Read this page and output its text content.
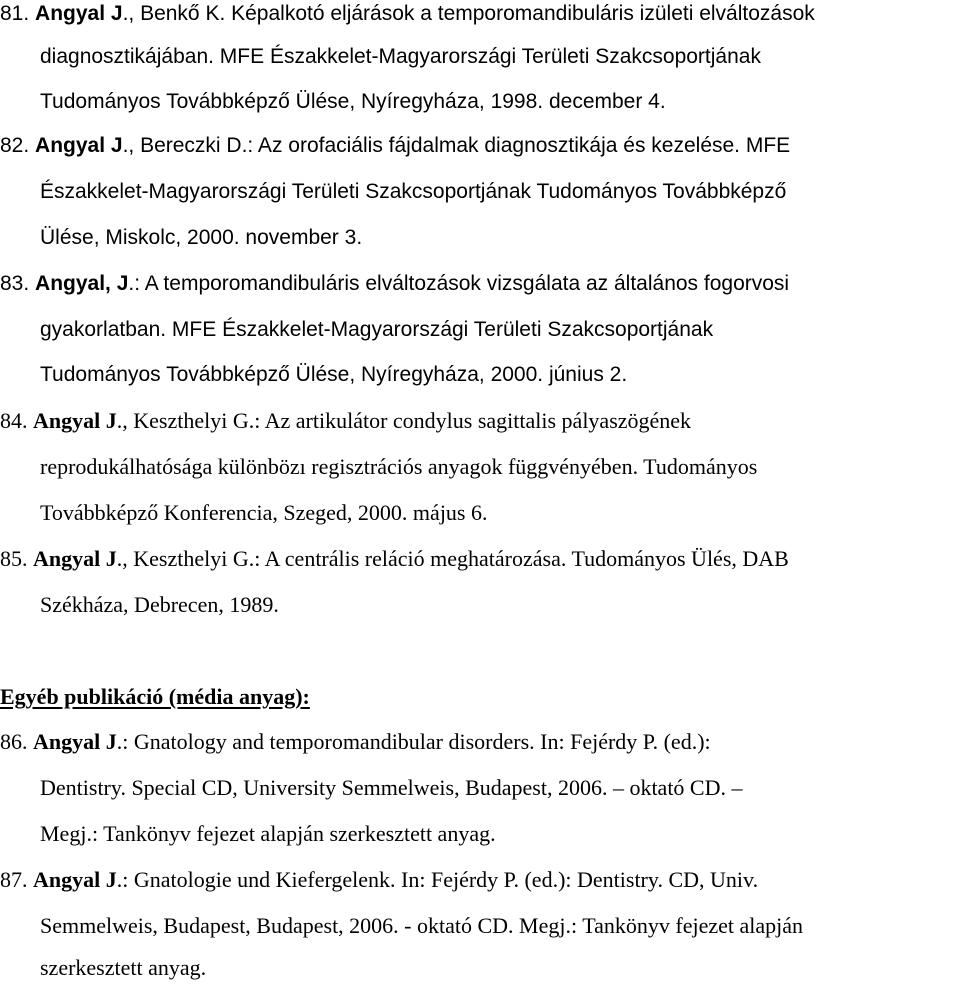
81. Angyal J., Benkő K. Képalkotó eljárások a temporomandibuláris izületi elváltozások
diagnosztikájában. MFE Északkelet-Magyarországi Területi Szakcsoportjának
Tudományos Továbbképző Ülése, Nyíregyháza, 1998. december 4.
82. Angyal J., Bereczki D.: Az orofaciális fájdalmak diagnosztikája és kezelése. MFE
Északkelet-Magyarországi Területi Szakcsoportjának Tudományos Továbbképző
Ülése, Miskolc, 2000. november 3.
83. Angyal, J.: A temporomandibuláris elváltozások vizsgálata az általános fogorvosi
gyakorlatban. MFE Északkelet-Magyarországi Területi Szakcsoportjának
Tudományos Továbbképző Ülése, Nyíregyháza, 2000. június 2.
84. Angyal J., Keszthelyi G.: Az artikulátor condylus sagittalis pályaszögének
reprodukálhatósága különbözı regisztrációs anyagok függvényében. Tudományos
Továbbképző Konferencia, Szeged, 2000. május 6.
85. Angyal J., Keszthelyi G.: A centrális reláció meghatározása. Tudományos Ülés, DAB
Székháza, Debrecen, 1989.
Egyéb publikáció (média anyag):
86. Angyal J.: Gnatology and temporomandibular disorders. In: Fejérdy P. (ed.):
Dentistry. Special CD, University Semmelweis, Budapest, 2006. – oktató CD. –
Megj.: Tankönyv fejezet alapján szerkesztett anyag.
87. Angyal J.: Gnatologie und Kiefergelenk. In: Fejérdy P. (ed.): Dentistry. CD, Univ.
Semmelweis, Budapest, Budapest, 2006. - oktató CD. Megj.: Tankönyv fejezet alapján
szerkesztett anyag.
